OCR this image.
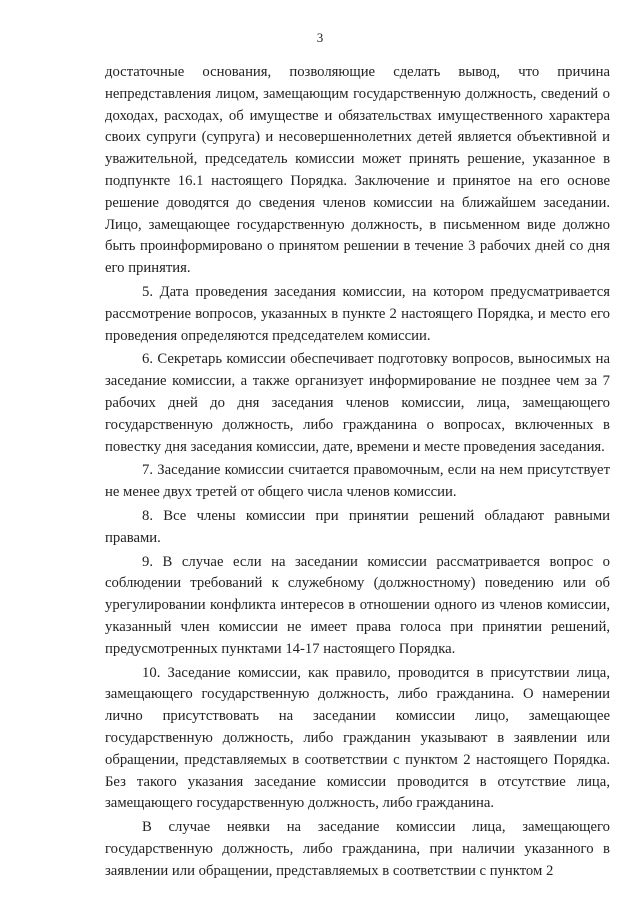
3

достаточные основания, позволяющие сделать вывод, что причина непредставления лицом, замещающим государственную должность, сведений о доходах, расходах, об имуществе и обязательствах имущественного характера своих супруги (супруга) и несовершеннолетних детей является объективной и уважительной, председатель комиссии может принять решение, указанное в подпункте 16.1 настоящего Порядка. Заключение и принятое на его основе решение доводятся до сведения членов комиссии на ближайшем заседании. Лицо, замещающее государственную должность, в письменном виде должно быть проинформировано о принятом решении в течение 3 рабочих дней со дня его принятия.

5. Дата проведения заседания комиссии, на котором предусматривается рассмотрение вопросов, указанных в пункте 2 настоящего Порядка, и место его проведения определяются председателем комиссии.

6. Секретарь комиссии обеспечивает подготовку вопросов, выносимых на заседание комиссии, а также организует информирование не позднее чем за 7 рабочих дней до дня заседания членов комиссии, лица, замещающего государственную должность, либо гражданина о вопросах, включенных в повестку дня заседания комиссии, дате, времени и месте проведения заседания.

7. Заседание комиссии считается правомочным, если на нем присутствует не менее двух третей от общего числа членов комиссии.

8. Все члены комиссии при принятии решений обладают равными правами.

9. В случае если на заседании комиссии рассматривается вопрос о соблюдении требований к служебному (должностному) поведению или об урегулировании конфликта интересов в отношении одного из членов комиссии, указанный член комиссии не имеет права голоса при принятии решений, предусмотренных пунктами 14-17 настоящего Порядка.

10. Заседание комиссии, как правило, проводится в присутствии лица, замещающего государственную должность, либо гражданина. О намерении лично присутствовать на заседании комиссии лицо, замещающее государственную должность, либо гражданин указывают в заявлении или обращении, представляемых в соответствии с пунктом 2 настоящего Порядка. Без такого указания заседание комиссии проводится в отсутствие лица, замещающего государственную должность, либо гражданина.

В случае неявки на заседание комиссии лица, замещающего государственную должность, либо гражданина, при наличии указанного в заявлении или обращении, представляемых в соответствии с пунктом 2
